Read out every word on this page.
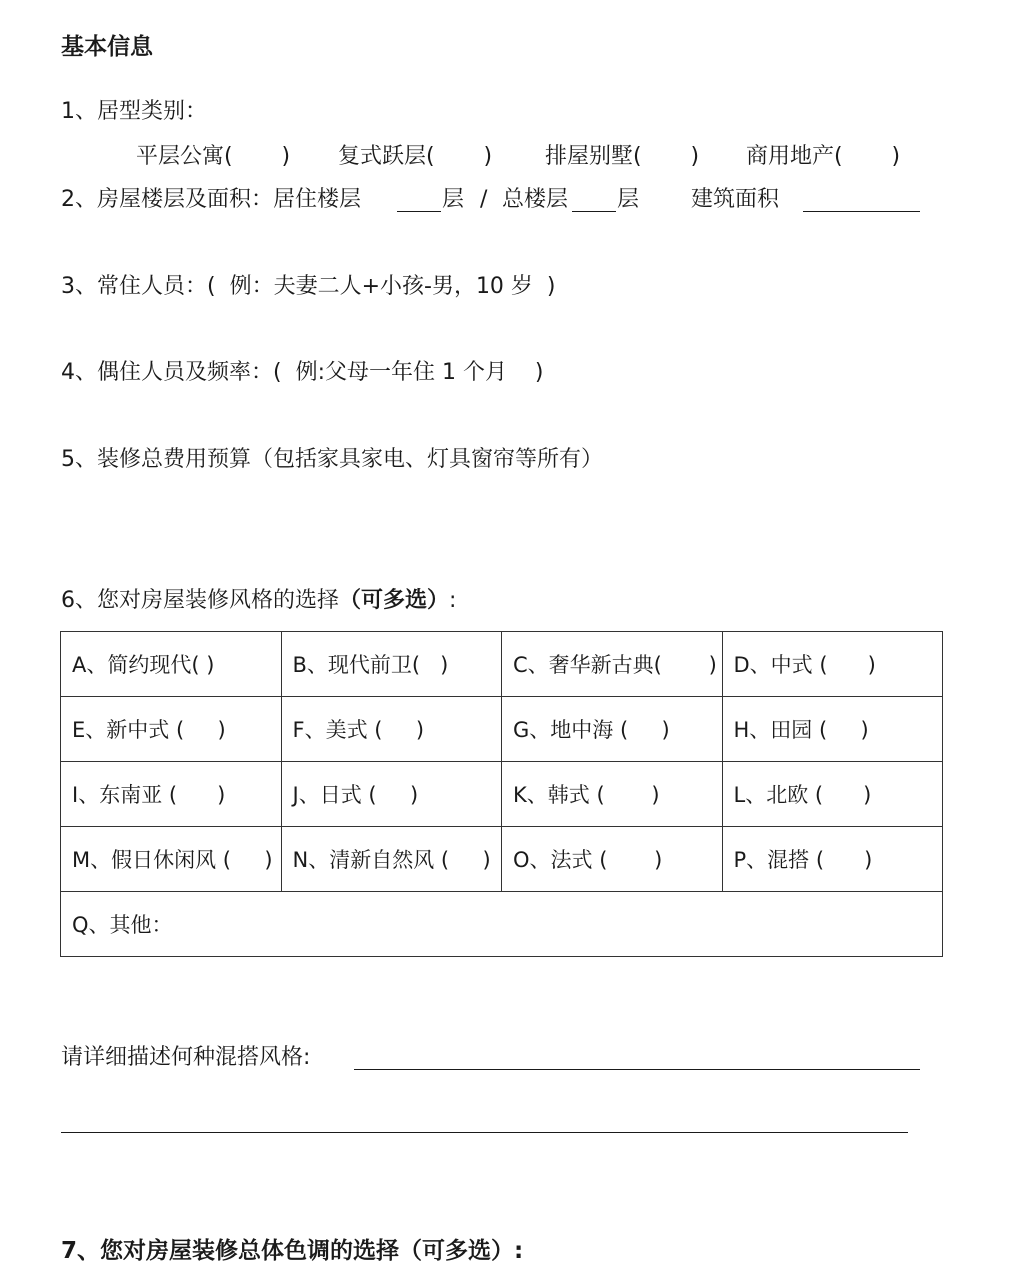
基本信息
1、居型类别：
平层公寓(       ) 复式跃层(       ) 排屋别墅(       ) 商用地产(       )
2、房屋楼层及面积：居住楼层	层 / 总楼层 层 建筑面积
3、常住人员：(  例：夫妻二人+小孩-男，10 岁  )
4、偶住人员及频率：(  例:父母一年住 1 个月    )
5、装修总费用预算（包括家具家电、灯具窗帘等所有）
6、您对房屋装修风格的选择（可多选）:
A、简约现代( )	B、现代前卫(   )	C、奢华新古典(       )	D、中式 (      )
E、新中式 (     )	F、美式 (     )	G、地中海 (     )	H、田园 (     )
I、东南亚 (      )	J、日式 (     )	K、韩式 (       )	L、北欧 (      )
M、假日休闲风 (     )	N、清新自然风 (     )	O、法式 (       )	P、混搭 (      )
Q、其他：			
请详细描述何种混搭风格:
7、您对房屋装修总体色调的选择（可多选）:
